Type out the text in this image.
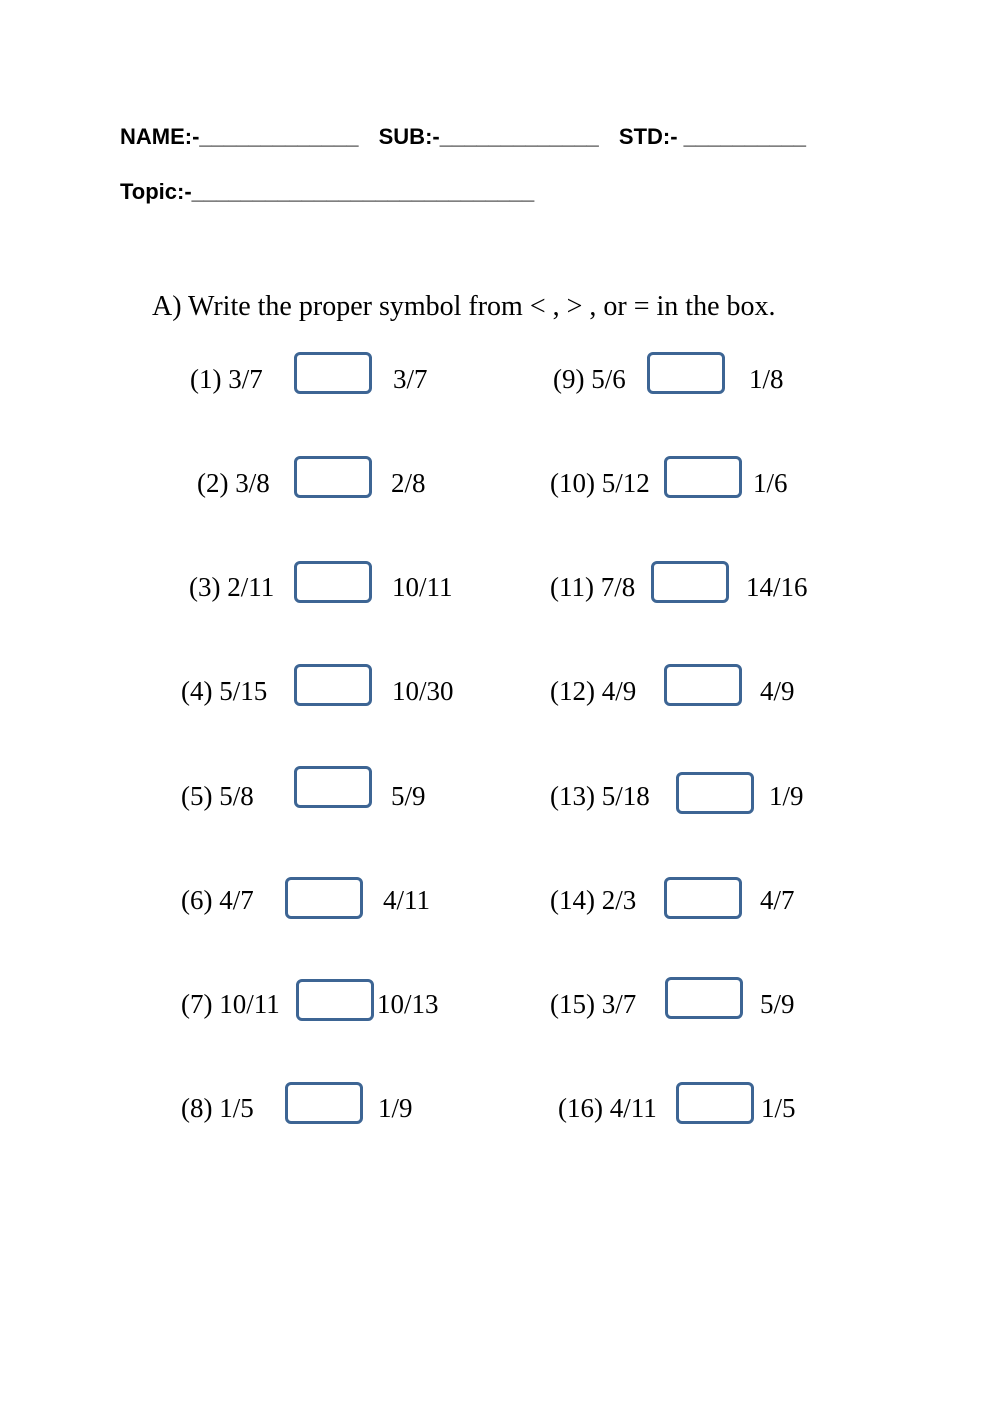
NAME:-_____________ SUB:-_____________ STD:- __________
Topic:-____________________________
A) Write the proper symbol from < , > , or = in the box.
(1) 3/7	3/7
(2) 3/8	2/8
(3) 2/11	10/11
(4) 5/15	10/30
(5) 5/8	5/9
(6) 4/7	4/11
(7) 10/11	10/13
(8) 1/5	1/9
(9) 5/6	1/8
(10) 5/12	1/6
(11) 7/8	14/16
(12) 4/9	4/9
(13) 5/18	1/9
(14) 2/3	4/7
(15) 3/7	5/9
(16) 4/11	1/5
